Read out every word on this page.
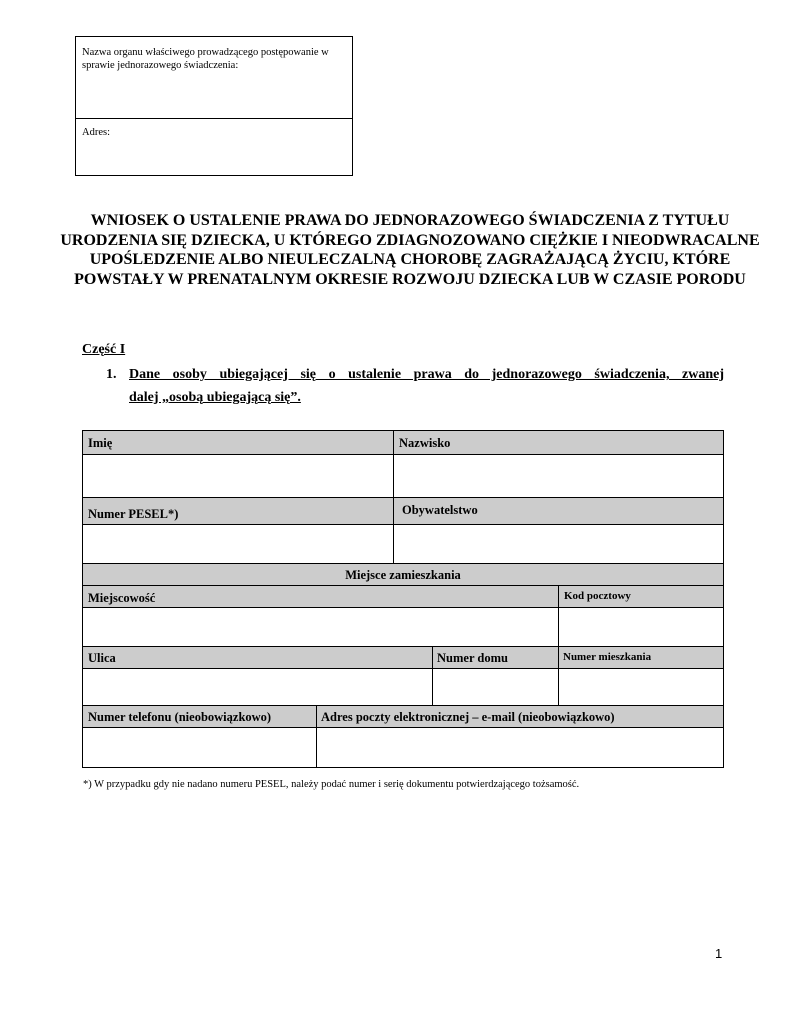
Nazwa organu właściwego prowadzącego postępowanie w sprawie jednorazowego świadczenia:
Adres:
WNIOSEK O USTALENIE PRAWA DO JEDNORAZOWEGO ŚWIADCZENIA Z TYTUŁU URODZENIA SIĘ DZIECKA, U KTÓREGO ZDIAGNOZOWANO CIĘŻKIE I NIEODWRACALNE UPOŚLEDZENIE ALBO NIEULECZALNĄ CHOROBĘ ZAGRAŻAJĄCĄ ŻYCIU, KTÓRE POWSTAŁY W PRENATALNYM OKRESIE ROZWOJU DZIECKA LUB W CZASIE PORODU
Część I
1. Dane osoby ubiegającej się o ustalenie prawa do jednorazowego świadczenia, zwanej
dalej „osobą ubiegającą się”.
Imię	Nazwisko
Numer PESEL*)	Obywatelstwo
Miejsce zamieszkania
Miejscowość	Kod pocztowy
Ulica	Numer domu	Numer mieszkania
Numer telefonu (nieobowiązkowo)	Adres poczty elektronicznej – e-mail (nieobowiązkowo)
*) W przypadku gdy nie nadano numeru PESEL, należy podać numer i serię dokumentu potwierdzającego tożsamość.
1
